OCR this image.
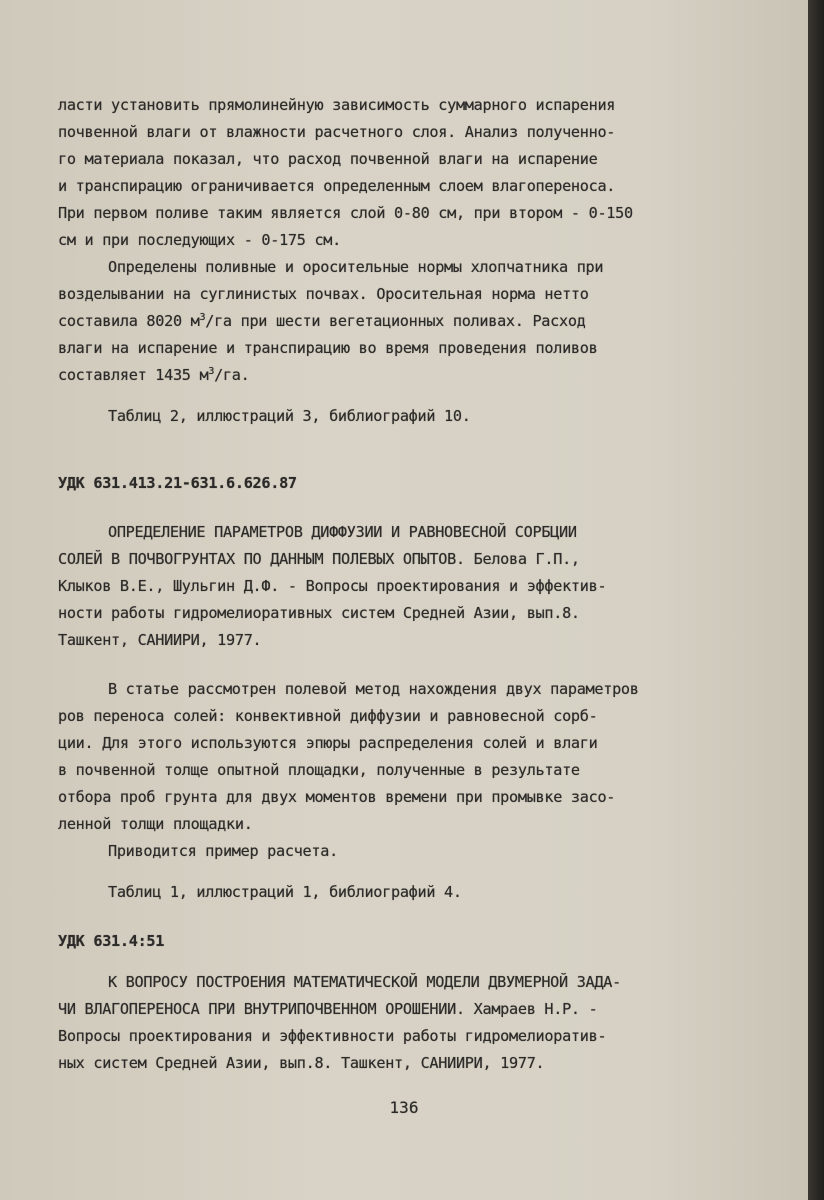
ласти установить прямолинейную зависимость суммарного испарения
почвенной влаги от влажности расчетного слоя. Анализ полученно-
го материала показал, что расход почвенной влаги на испарение
и транспирацию ограничивается определенным слоем влагопереноса.
При первом поливе таким является слой 0-80 см, при втором - 0-150
см и при последующих - 0-175 см.
Определены поливные и оросительные нормы хлопчатника при
возделывании на суглинистых почвах. Оросительная норма нетто
составила 8020 $м^3/га$ при шести вегетационных поливах. Расход
влаги на испарение и транспирацию во время проведения поливов
составляет 1435 $м^3/га$.
Таблиц 2, иллюстраций 3, библиографий 10.
УДК 631.413.21-631.6.626.87
ОПРЕДЕЛЕНИЕ ПАРАМЕТРОВ ДИФФУЗИИ И РАВНОВЕСНОЙ СОРБЦИИ
СОЛЕЙ В ПОЧВОГРУНТАХ ПО ДАННЫМ ПОЛЕВЫХ ОПЫТОВ. Белова Г.П.,
Клыков В.Е., Шульгин Д.Ф. - Вопросы проектирования и эффектив-
ности работы гидромелиоративных систем Средней Азии, вып.8.
Ташкент, САНИИРИ, 1977.
В статье рассмотрен полевой метод нахождения двух параметров
ров переноса солей: конвективной диффузии и равновесной сорб-
ции. Для этого используются эпюры распределения солей и влаги
в почвенной толще опытной площадки, полученные в результате
отбора проб грунта для двух моментов времени при промывке засо-
ленной толщи площадки.
Приводится пример расчета.
Таблиц 1, иллюстраций 1, библиографий 4.
УДК 631.4:51
К ВОПРОСУ ПОСТРОЕНИЯ МАТЕМАТИЧЕСКОЙ МОДЕЛИ ДВУМЕРНОЙ ЗАДА-
ЧИ ВЛАГОПЕРЕНОСА ПРИ ВНУТРИПОЧВЕННОМ ОРОШЕНИИ. Хамраев Н.Р. -
Вопросы проектирования и эффективности работы гидромелиоратив-
ных систем Средней Азии, вып.8. Ташкент, САНИИРИ, 1977.
136
